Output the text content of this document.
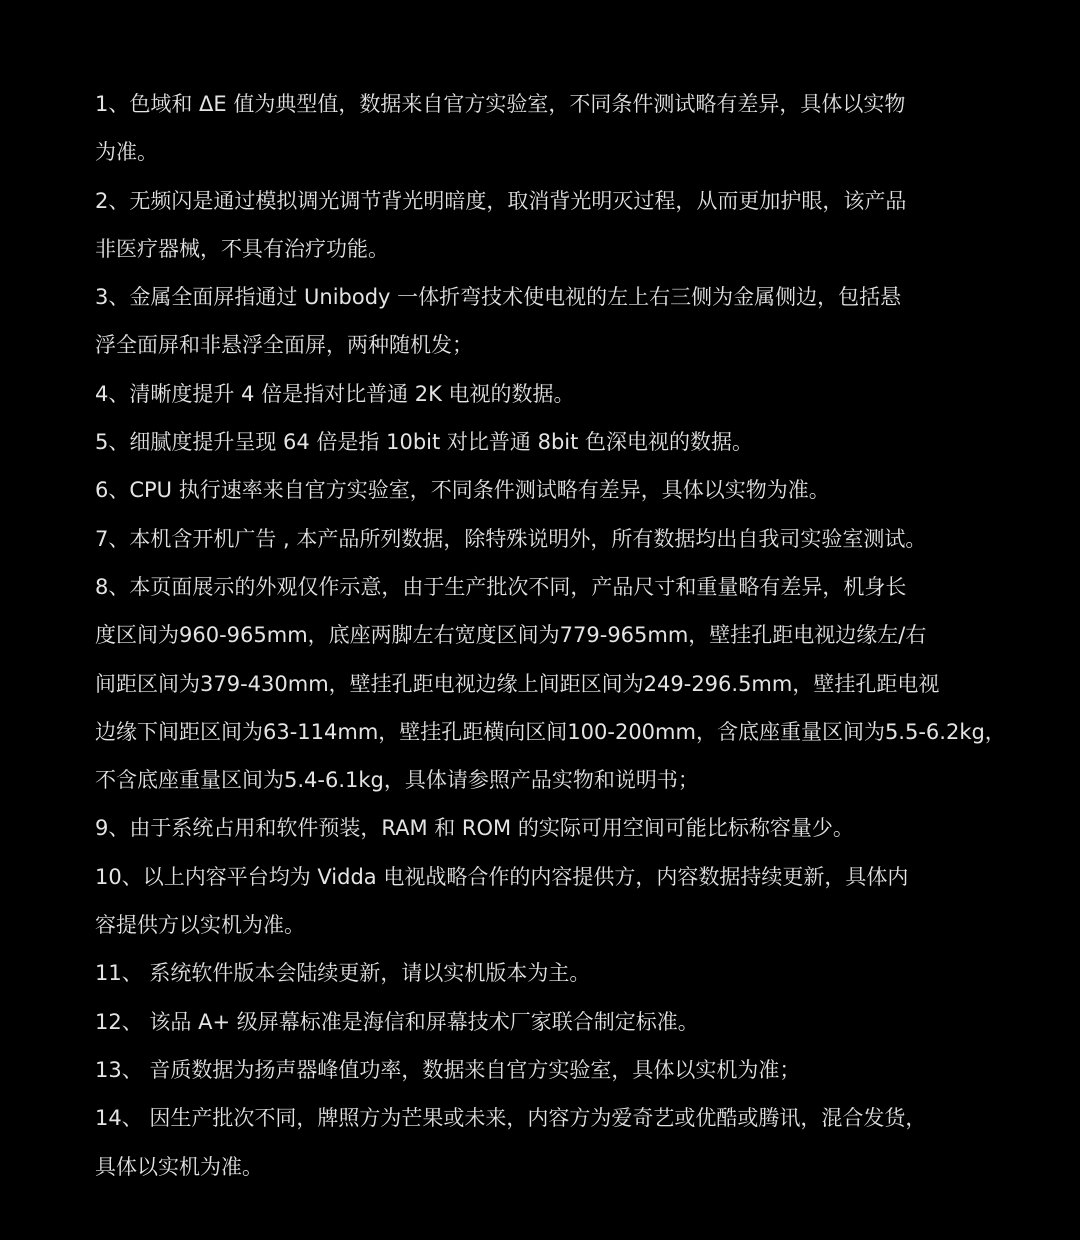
1、色域和 ΔE 值为典型值，数据来自官方实验室，不同条件测试略有差异，具体以实物
为准。
2、无频闪是通过模拟调光调节背光明暗度，取消背光明灭过程，从而更加护眼，该产品
非医疗器械，不具有治疗功能。
3、金属全面屏指通过 Unibody 一体折弯技术使电视的左上右三侧为金属侧边，包括悬
浮全面屏和非悬浮全面屏，两种随机发；
4、清晰度提升 4 倍是指对比普通 2K 电视的数据。
5、细腻度提升呈现 64 倍是指 10bit 对比普通 8bit 色深电视的数据。
6、CPU 执行速率来自官方实验室，不同条件测试略有差异，具体以实物为准。
7、本机含开机广告 , 本产品所列数据，除特殊说明外，所有数据均出自我司实验室测试。
8、本页面展示的外观仅作示意，由于生产批次不同，产品尺寸和重量略有差异，机身长
度区间为960-965mm，底座两脚左右宽度区间为779-965mm，壁挂孔距电视边缘左/右
间距区间为379-430mm，壁挂孔距电视边缘上间距区间为249-296.5mm，壁挂孔距电视
边缘下间距区间为63-114mm，壁挂孔距横向区间100-200mm，含底座重量区间为5.5-6.2kg，
不含底座重量区间为5.4-6.1kg，具体请参照产品实物和说明书；
9、由于系统占用和软件预装，RAM 和 ROM 的实际可用空间可能比标称容量少。
10、以上内容平台均为 Vidda 电视战略合作的内容提供方，内容数据持续更新，具体内
容提供方以实机为准。
11、 系统软件版本会陆续更新，请以实机版本为主。
12、 该品 A+ 级屏幕标准是海信和屏幕技术厂家联合制定标准。
13、 音质数据为扬声器峰值功率，数据来自官方实验室，具体以实机为准；
14、 因生产批次不同，牌照方为芒果或未来，内容方为爱奇艺或优酷或腾讯，混合发货，
具体以实机为准。
